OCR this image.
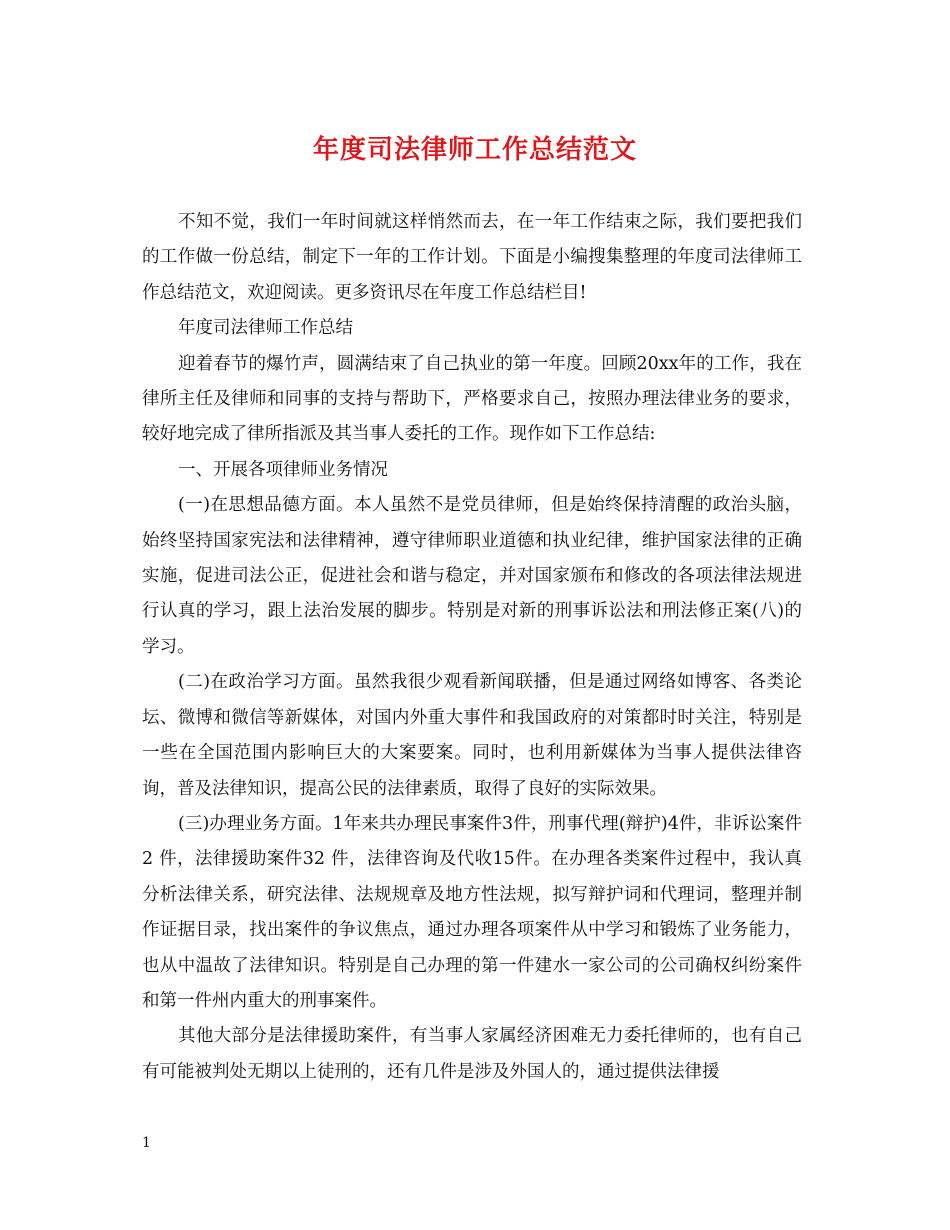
年度司法律师工作总结范文

不知不觉，我们一年时间就这样悄然而去，在一年工作结束之际，我们要把我们的工作做一份总结，制定下一年的工作计划。下面是小编搜集整理的年度司法律师工作总结范文，欢迎阅读。更多资讯尽在年度工作总结栏目!

年度司法律师工作总结

迎着春节的爆竹声，圆满结束了自己执业的第一年度。回顾20xx年的工作，我在律所主任及律师和同事的支持与帮助下，严格要求自己，按照办理法律业务的要求，较好地完成了律所指派及其当事人委托的工作。现作如下工作总结:

一、开展各项律师业务情况

(一)在思想品德方面。本人虽然不是党员律师，但是始终保持清醒的政治头脑，始终坚持国家宪法和法律精神，遵守律师职业道德和执业纪律，维护国家法律的正确实施，促进司法公正，促进社会和谐与稳定，并对国家颁布和修改的各项法律法规进行认真的学习，跟上法治发展的脚步。特别是对新的刑事诉讼法和刑法修正案(八)的学习。

(二)在政治学习方面。虽然我很少观看新闻联播，但是通过网络如博客、各类论坛、微博和微信等新媒体，对国内外重大事件和我国政府的对策都时时关注，特别是一些在全国范围内影响巨大的大案要案。同时，也利用新媒体为当事人提供法律咨询，普及法律知识，提高公民的法律素质，取得了良好的实际效果。

(三)办理业务方面。1年来共办理民事案件3件，刑事代理(辩护)4件，非诉讼案件2 件，法律援助案件32 件，法律咨询及代收15件。在办理各类案件过程中，我认真分析法律关系，研究法律、法规规章及地方性法规，拟写辩护词和代理词，整理并制作证据目录，找出案件的争议焦点，通过办理各项案件从中学习和锻炼了业务能力，也从中温故了法律知识。特别是自己办理的第一件建水一家公司的公司确权纠纷案件和第一件州内重大的刑事案件。

其他大部分是法律援助案件，有当事人家属经济困难无力委托律师的，也有自己有可能被判处无期以上徒刑的，还有几件是涉及外国人的，通过提供法律援

1
